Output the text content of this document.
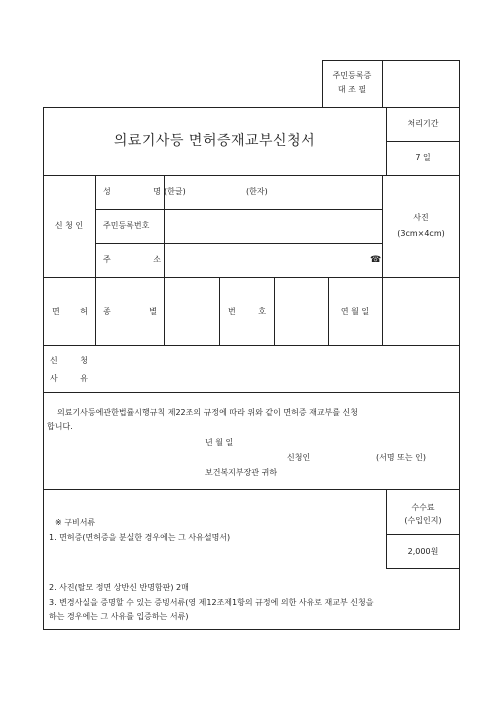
주민등록증
대 조 필
의료기사등 면허증재교부신청서
처리기간
7 일
신 청 인
성	명 (한글)	(한자)
주민등록번호
주	소	☎
사진
(3cm×4cm)
면	허 종	별	번	호	연 월 일
신	청
사	유
의료기사등에관한법률시행규칙 제22조의 규정에 따라 위와 같이 면허증 재교부를 신청
합니다.
년 월 일
신청인	(서명 또는 인)
보건복지부장관 귀하
※ 구비서류
1. 면허증(면허증을 분실한 경우에는 그 사유설명서)
2. 사진(탈모 정면 상반신 반명함판) 2매
3. 변경사실을 증명할 수 있는 증빙서류(영 제12조제1항의 규정에 의한 사유로 재교부 신청을
하는 경우에는 그 사유를 입증하는 서류)
수수료
(수입인지)
2,000원
